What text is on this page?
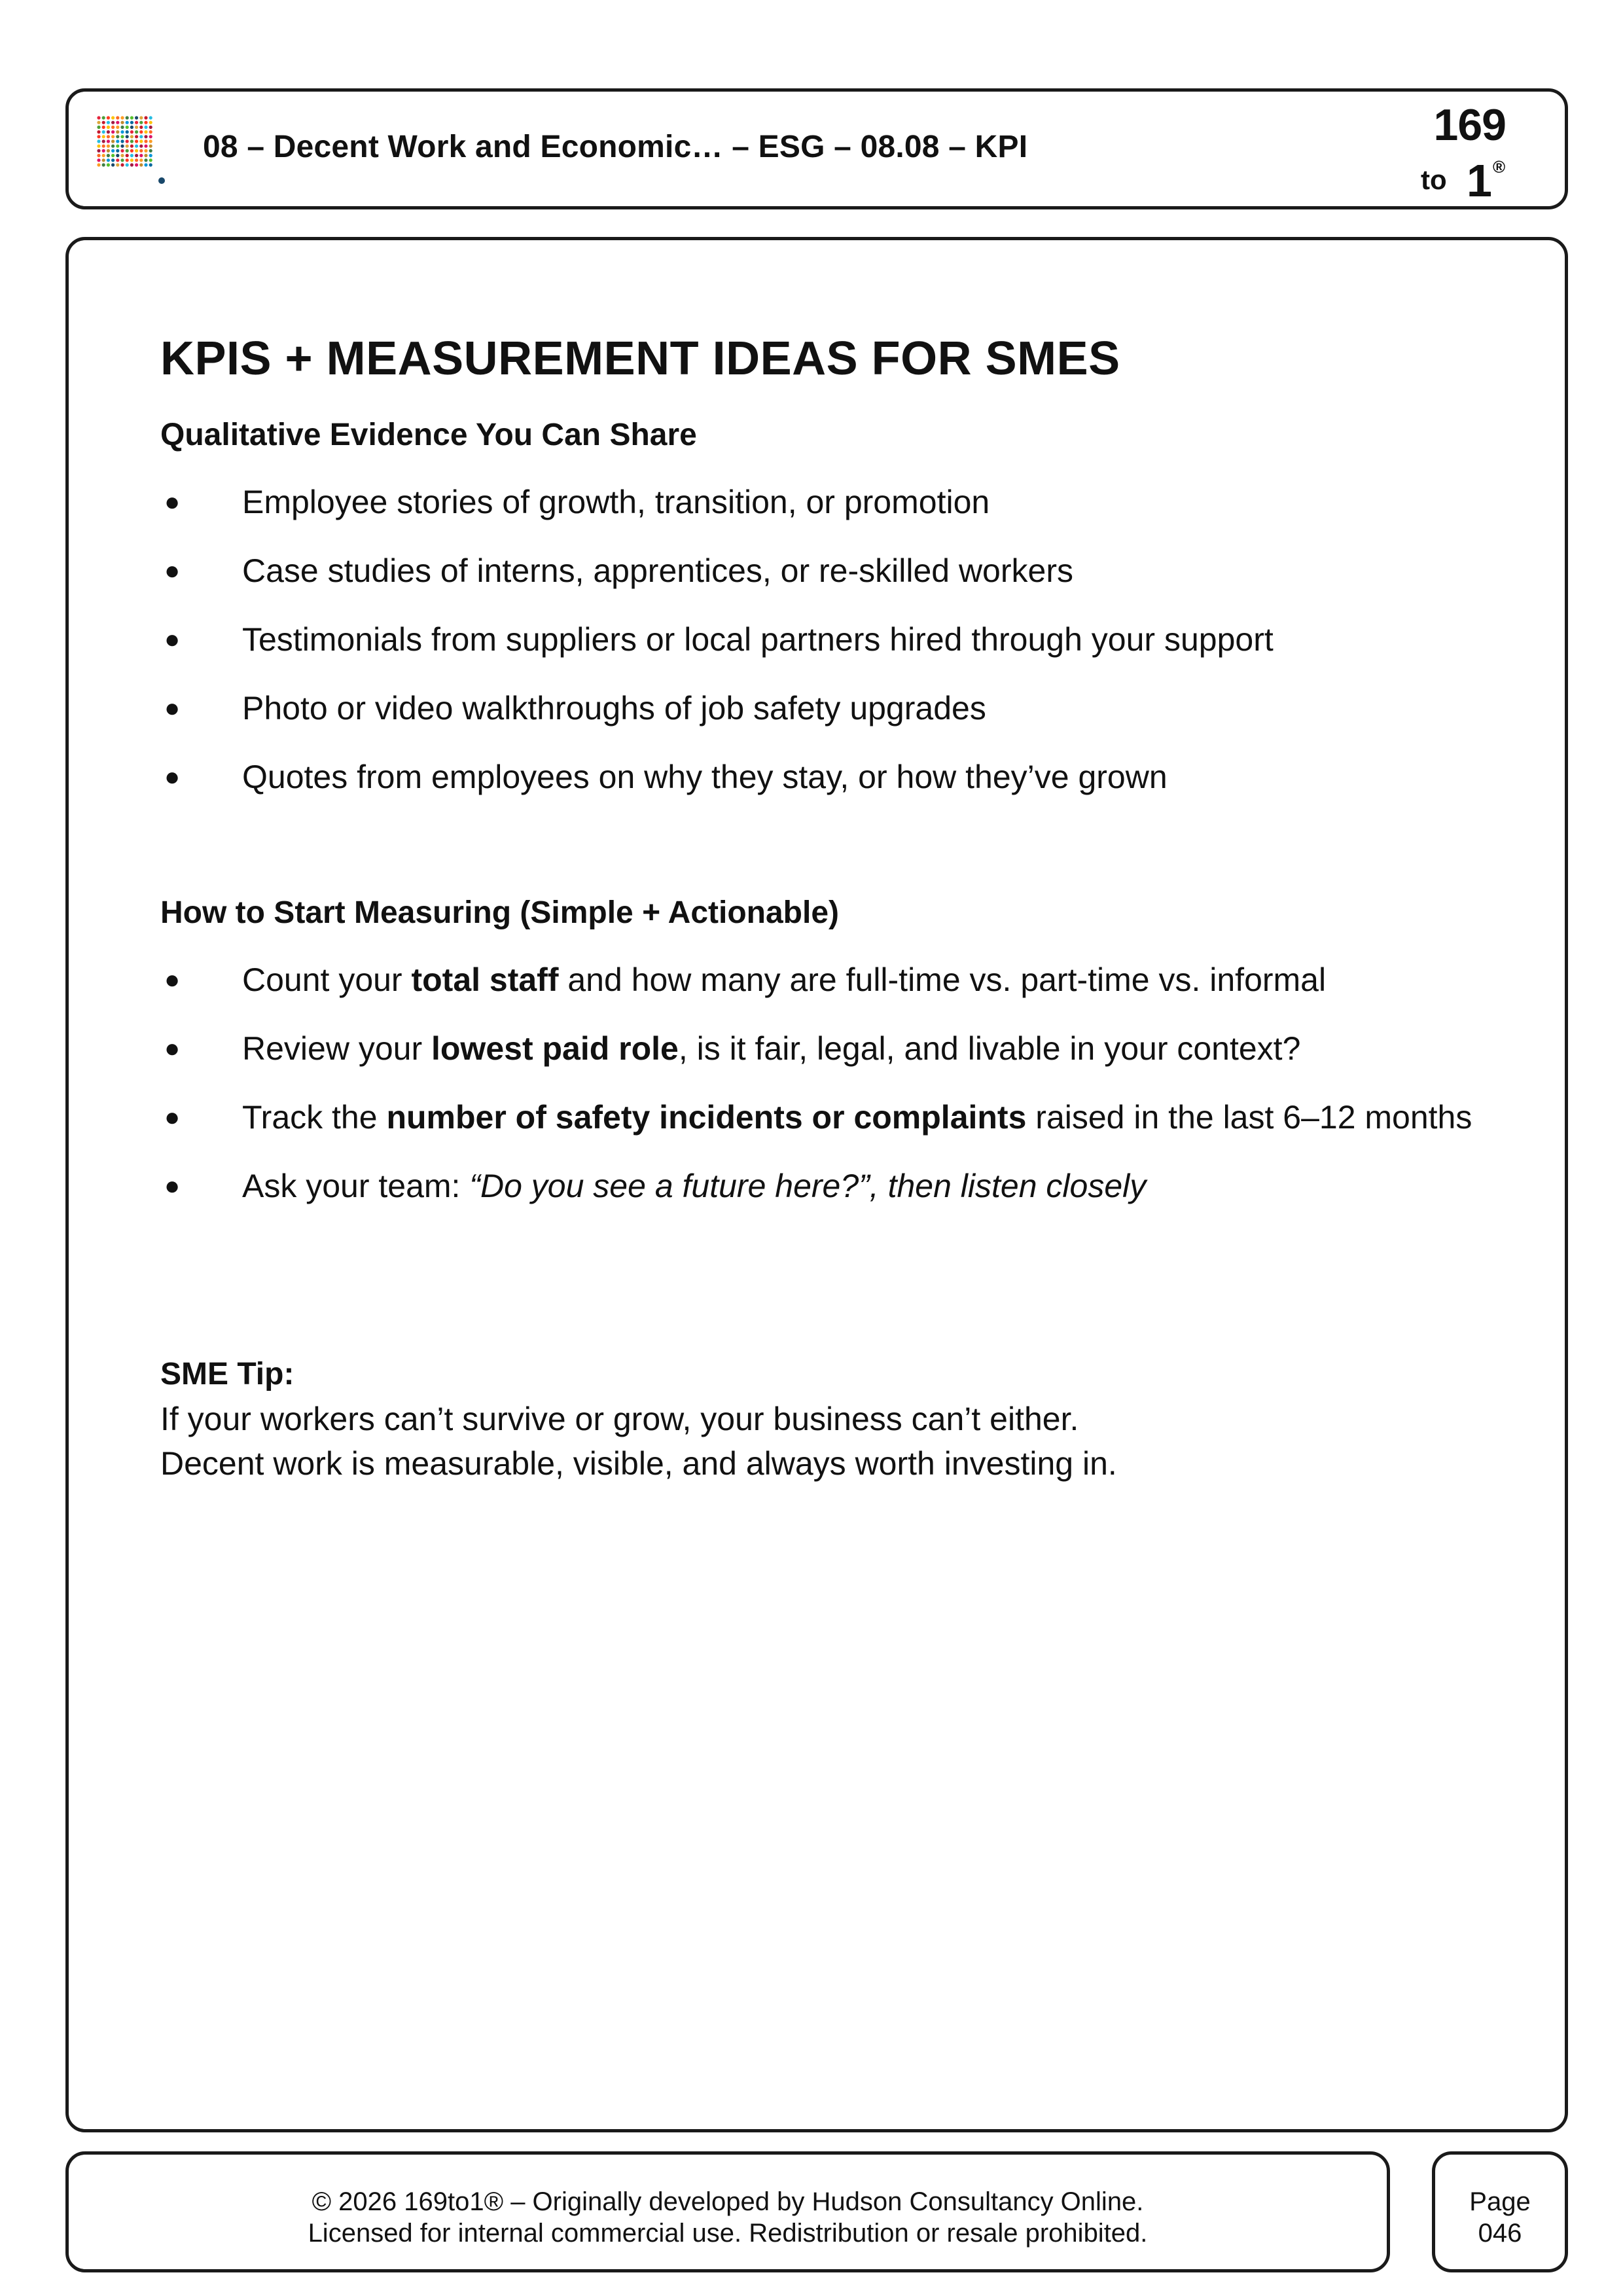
08 – Decent Work and Economic… – ESG – 08.08 – KPI	169
to 1 ®
KPIS + MEASUREMENT IDEAS FOR SMES
Qualitative Evidence You Can Share
● Employee stories of growth, transition, or promotion
● Case studies of interns, apprentices, or re-skilled workers
● Testimonials from suppliers or local partners hired through your support
● Photo or video walkthroughs of job safety upgrades
● Quotes from employees on why they stay, or how they’ve grown
How to Start Measuring (Simple + Actionable)
● Count your total staff and how many are full-time vs. part-time vs. informal
● Review your lowest paid role, is it fair, legal, and livable in your context?
● Track the number of safety incidents or complaints raised in the last 6–12 months
● Ask your team: “Do you see a future here?”, then listen closely
SME Tip:
If your workers can’t survive or grow, your business can’t either.
Decent work is measurable, visible, and always worth investing in.
© 2026 169to1® – Originally developed by Hudson Consultancy Online.
Licensed for internal commercial use. Redistribution or resale prohibited.
Page
046
